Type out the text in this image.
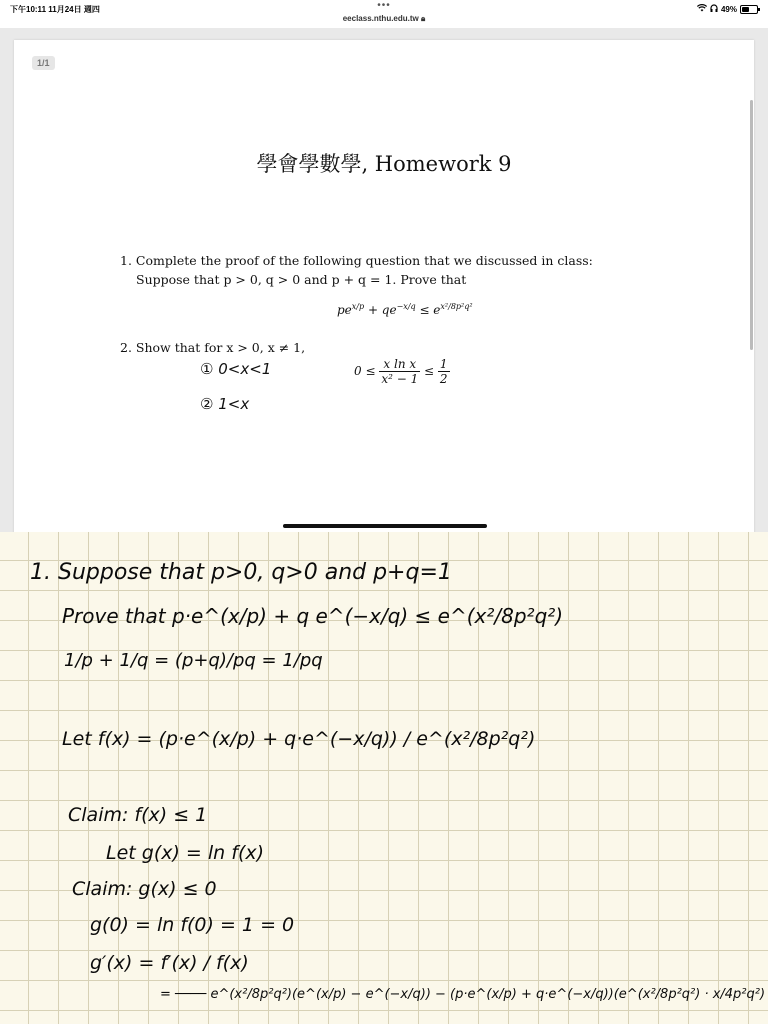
下午10:11 11月24日 週四	•••
eeclass.nthu.edu.tw 🔒︎
49%
1/1
學會學數學, Homework 9
1. Complete the proof of the following question that we discussed in class:
Suppose that p > 0, q > 0 and p + q = 1. Prove that
$pe^{x/p} + qe^{-x/q} \le e^{x^2/8p^2q^2}$
2. Show that for x > 0, x ≠ 1,
$0 \le \frac{\text{x ln x}}{\text{x² − 1}} \le \frac{1}{2}$
① 0<x<1
② 1<x
1. Suppose that p>0, q>0 and p+q=1
Prove that p·e^(x/p) + q e^(−x/q) ≤ e^(x²/8p²q²)
1/p + 1/q = (p+q)/pq = 1/pq
Let f(x) = (p·e^(x/p) + q·e^(−x/q)) / e^(x²/8p²q²)
Claim: f(x) ≤ 1
Let g(x) = ln f(x)
Claim: g(x) ≤ 0
g(0) = ln f(0) = 1 = 0
g′(x) = f′(x) / f(x)
= ──── e^(x²/8p²q²)(e^(x/p) − e^(−x/q)) − (p·e^(x/p) + q·e^(−x/q))(e^(x²/8p²q²) · x/4p²q²)
